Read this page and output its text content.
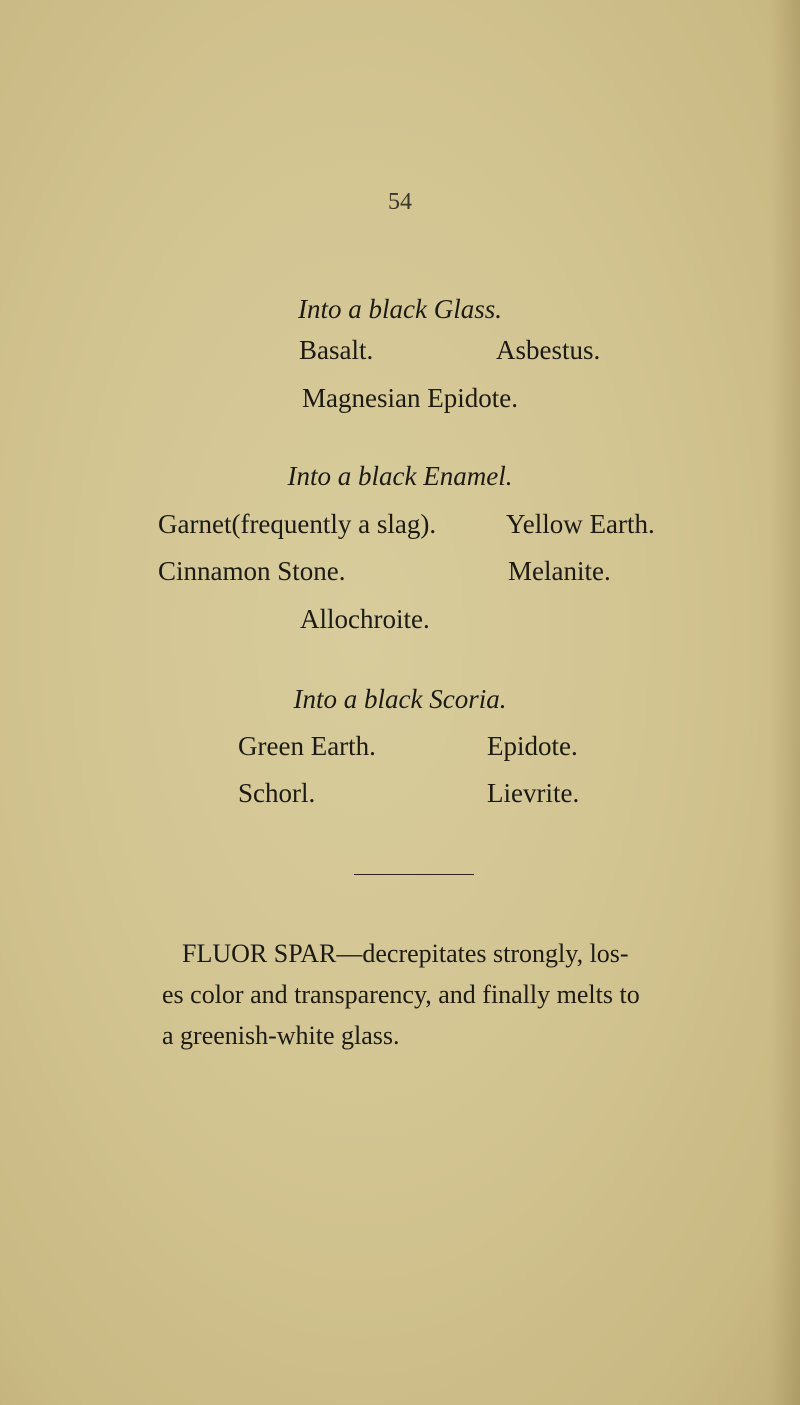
54
Into a black Glass.
Basalt.	Asbestus.
Magnesian Epidote.
Into a black Enamel.
Garnet(frequently a slag).	Yellow Earth.
Cinnamon Stone.	Melanite.
Allochroite.
Into a black Scoria.
Green Earth.	Epidote.
Schorl.	Lievrite.

FLUOR SPAR—decrepitates strongly, los-

es color and transparency, and finally melts to

a greenish-white glass.
